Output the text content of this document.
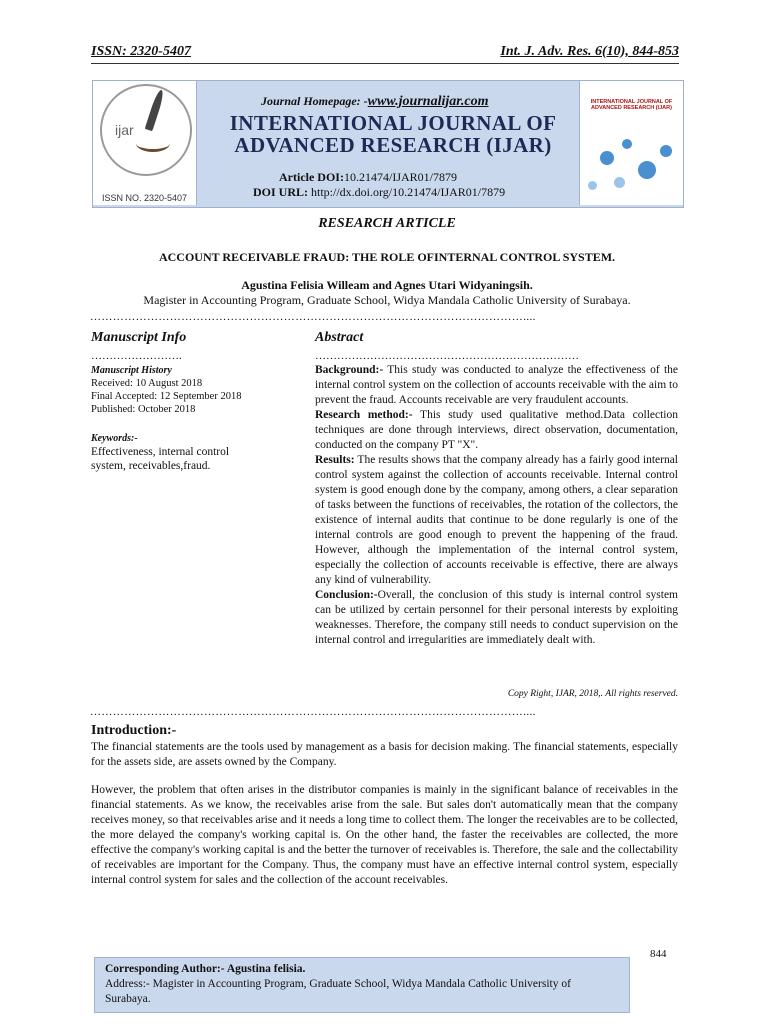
ISSN: 2320-5407	Int. J. Adv. Res. 6(10), 844-853
ijar
ISSN NO. 2320-5407
Journal Homepage: -www.journalijar.com
INTERNATIONAL JOURNAL OF ADVANCED RESEARCH (IJAR)
Article DOI:10.21474/IJAR01/7879
DOI URL: http://dx.doi.org/10.21474/IJAR01/7879
INTERNATIONAL JOURNAL OF ADVANCED RESEARCH (IJAR)
RESEARCH ARTICLE
ACCOUNT RECEIVABLE FRAUD: THE ROLE OFINTERNAL CONTROL SYSTEM.
Agustina Felisia Willeam and Agnes Utari Widyaningsih.
Magister in Accounting Program, Graduate School, Widya Mandala Catholic University of Surabaya.
……………………………………………………………………………………………………....
Manuscript Info
…………………….
Manuscript History
Received: 10 August 2018
Final Accepted: 12 September 2018
Published: October 2018
Keywords:-
Effectiveness, internal control system, receivables,fraud.
Abstract
………………………………………………………………

Background:- This study was conducted to analyze the effectiveness of the internal control system on the collection of accounts receivable with the aim to prevent the fraud. Accounts receivable are very fraudulent accounts.

Research method:- This study used qualitative method.Data collection techniques are done through interviews, direct observation, documentation, conducted on the company PT "X".

Results: The results shows that the company already has a fairly good internal control system against the collection of accounts receivable. Internal control system is good enough done by the company, among others, a clear separation of tasks between the functions of receivables, the rotation of the collectors, the existence of internal audits that continue to be done regularly is one of the internal controls are good enough to prevent the happening of the fraud. However, although the implementation of the internal control system, especially the collection of accounts receivable is effective, there are always any kind of vulnerability.

Conclusion:-Overall, the conclusion of this study is internal control system can be utilized by certain personnel for their personal interests by exploiting weaknesses. Therefore, the company still needs to conduct supervision on the internal control and irregularities are immediately dealt with.

Copy Right, IJAR, 2018,. All rights reserved.
……………………………………………………………………………………………………....
Introduction:-

The financial statements are the tools used by management as a basis for decision making. The financial statements, especially for the assets side, are assets owned by the Company.

However, the problem that often arises in the distributor companies is mainly in the significant balance of receivables in the financial statements. As we know, the receivables arise from the sale. But sales don't automatically mean that the company receives money, so that receivables arise and it needs a long time to collect them. The longer the receivables are to be collected, the more delayed the company's working capital is. On the other hand, the faster the receivables are collected, the more effective the company's working capital is and the better the turnover of receivables is. Therefore, the sale and the collectability of receivables are important for the Company. Thus, the company must have an effective internal control system, especially internal control system for sales and the collection of the account receivables.

844
Corresponding Author:- Agustina felisia.
Address:- Magister in Accounting Program, Graduate School, Widya Mandala Catholic University of Surabaya.
